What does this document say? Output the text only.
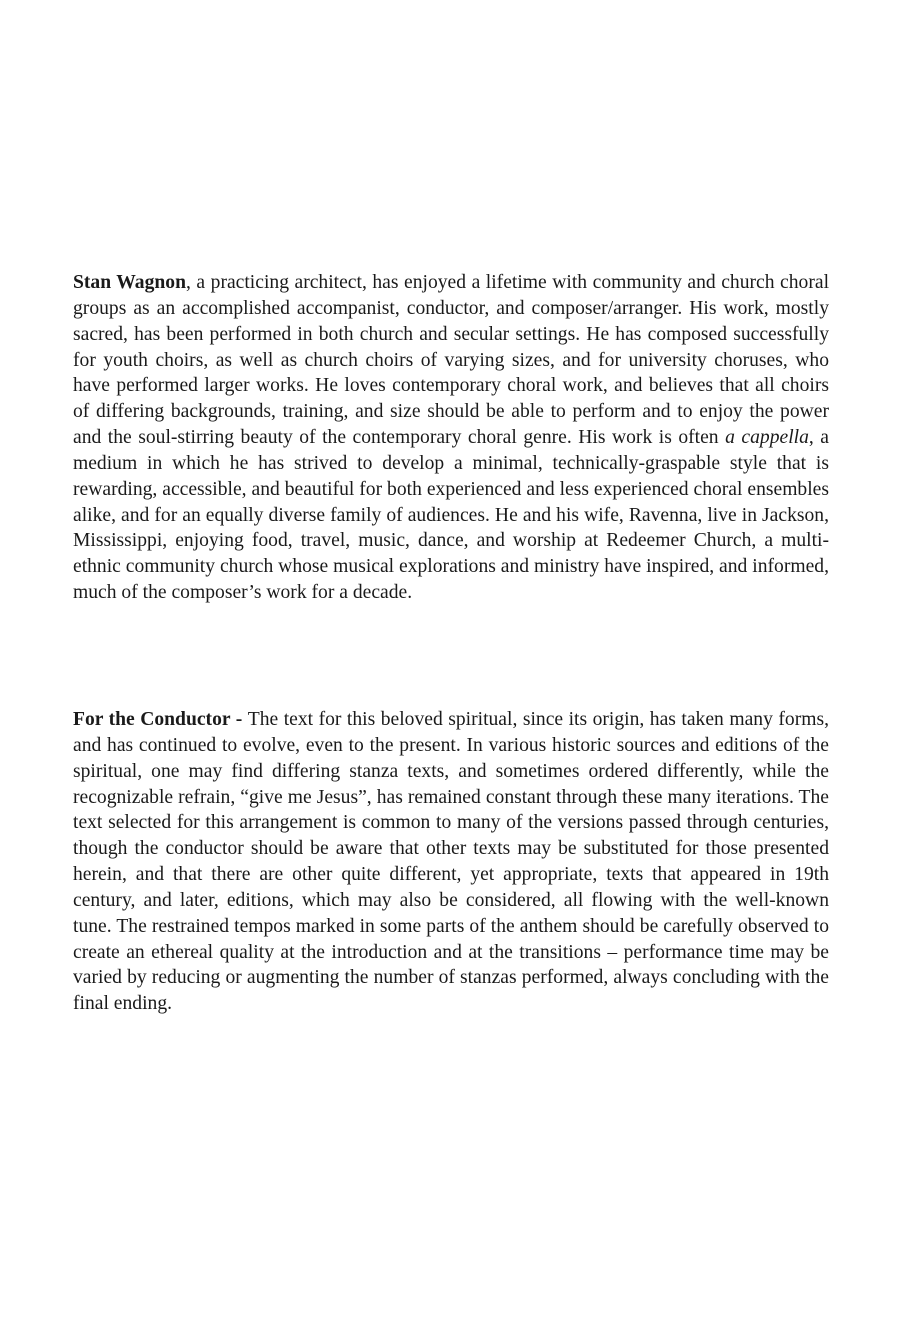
Stan Wagnon, a practicing architect, has enjoyed a lifetime with community and church choral groups as an accomplished accompanist, conductor, and composer/arranger. His work, mostly sacred, has been performed in both church and secular settings. He has composed successfully for youth choirs, as well as church choirs of varying sizes, and for university choruses, who have performed larger works. He loves contemporary choral work, and believes that all choirs of differing backgrounds, training, and size should be able to perform and to enjoy the power and the soul-stirring beauty of the contemporary choral genre. His work is often a cappella, a medium in which he has strived to develop a minimal, technically-graspable style that is rewarding, accessible, and beautiful for both experienced and less experienced choral ensembles alike, and for an equally diverse family of audiences. He and his wife, Ravenna, live in Jackson, Mississippi, enjoying food, travel, music, dance, and worship at Redeemer Church, a multi-ethnic community church whose musical explorations and ministry have inspired, and informed, much of the composer’s work for a decade.

For the Conductor - The text for this beloved spiritual, since its origin, has taken many forms, and has continued to evolve, even to the present. In various historic sources and editions of the spiritual, one may find differing stanza texts, and sometimes ordered differently, while the recognizable refrain, “give me Jesus”, has remained constant through these many iterations. The text selected for this arrangement is common to many of the versions passed through centuries, though the conductor should be aware that other texts may be substituted for those presented herein, and that there are other quite different, yet appropriate, texts that appeared in 19th century, and later, editions, which may also be considered, all flowing with the well-known tune. The restrained tempos marked in some parts of the anthem should be carefully observed to create an ethereal quality at the introduction and at the transitions – performance time may be varied by reducing or augmenting the number of stanzas performed, always concluding with the final ending.
